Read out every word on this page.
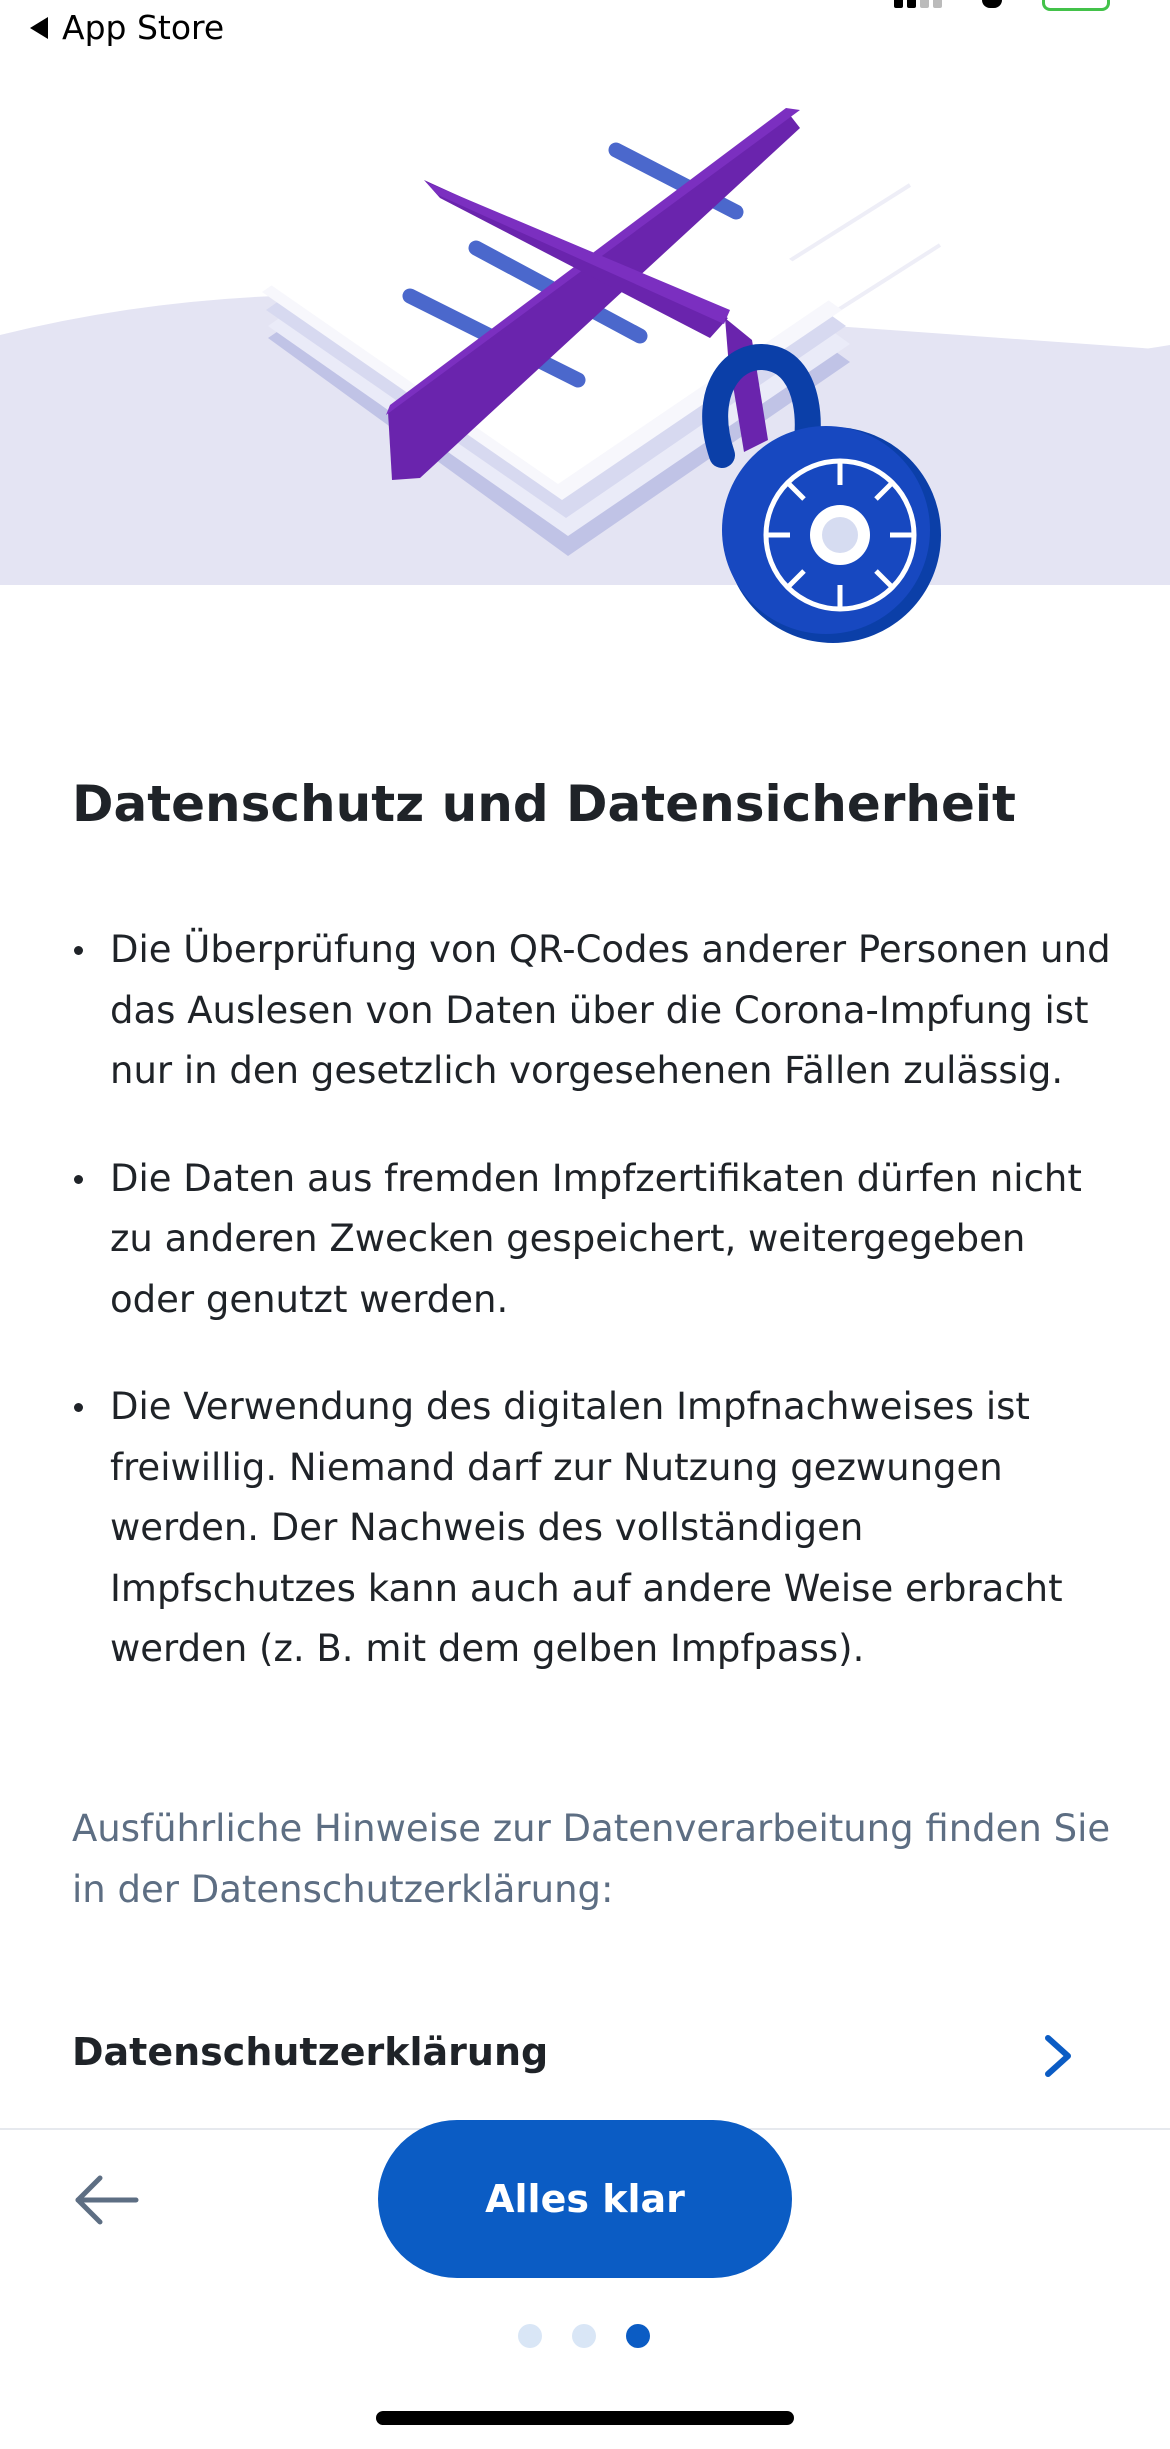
App Store
Datenschutz und Datensicherheit
Die Überprüfung von QR-Codes anderer Personen und das Auslesen von Daten über die Corona-Impfung ist nur in den gesetzlich vorgesehenen Fällen zulässig.
Die Daten aus fremden Impfzertifikaten dürfen nicht zu anderen Zwecken gespeichert, weitergegeben oder genutzt werden.
Die Verwendung des digitalen Impfnachweises ist freiwillig. Niemand darf zur Nutzung gezwungen werden. Der Nachweis des vollständigen Impfschutzes kann auch auf andere Weise erbracht werden (z. B. mit dem gelben Impfpass).

Ausführliche Hinweise zur Datenverarbeitung finden Sie in der Datenschutzerklärung:

Datenschutzerklärung
Alles klar
